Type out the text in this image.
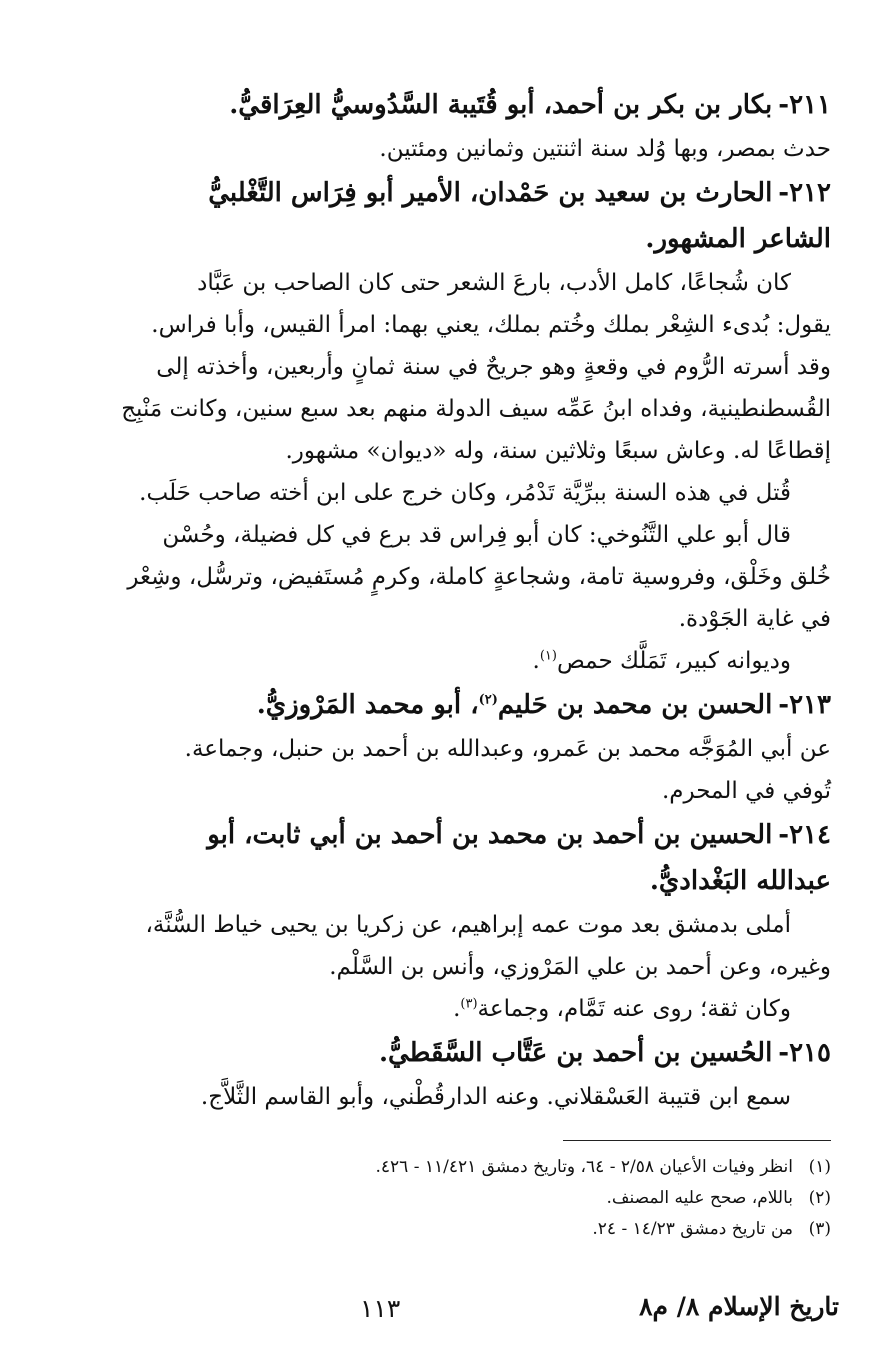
٢١١-بكار بن بكر بن أحمد، أبو قُتَيبة السَّدُوسيُّ العِرَاقيُّ.
حدث بمصر، وبها وُلد سنة اثنتين وثمانين ومئتين.
٢١٢-الحارث بن سعيد بن حَمْدان، الأمير أبو فِرَاس التَّغْلبيُّ
الشاعر المشهور.
كان شُجاعًا، كامل الأدب، بارعَ الشعر حتى كان الصاحب بن عَبَّاد
يقول: بُدىء الشِعْر بملك وخُتم بملك، يعني بهما: امرأ القيس، وأبا فراس.
وقد أسرته الرُّوم في وقعةٍ وهو جريحٌ في سنة ثمانٍ وأربعين، وأخذته إلى
القُسطنطينية، وفداه ابنُ عَمِّه سيف الدولة منهم بعد سبع سنين، وكانت مَنْبِج
إقطاعًا له. وعاش سبعًا وثلاثين سنة، وله «ديوان» مشهور.
قُتل في هذه السنة ببرِّيَّة تَدْمُر، وكان خرج على ابن أخته صاحب حَلَب.
قال أبو علي التَّنُوخي: كان أبو فِراس قد برع في كل فضيلة، وحُسْن
خُلق وخَلْق، وفروسية تامة، وشجاعةٍ كاملة، وكرمٍ مُستَفيض، وترسُّل، وشِعْر
في غاية الجَوْدة.
وديوانه كبير، تَمَلَّك حمص$^{(١)}$.
٢١٣-الحسن بن محمد بن حَليم$^{(٢)}$، أبو محمد المَرْوزيُّ.
عن أبي المُوَجَّه محمد بن عَمرو، وعبدالله بن أحمد بن حنبل، وجماعة.
تُوفي في المحرم.
٢١٤-الحسين بن أحمد بن محمد بن أحمد بن أبي ثابت، أبو
عبدالله البَغْداديُّ.
أملى بدمشق بعد موت عمه إبراهيم، عن زكريا بن يحيى خياط السُّنَّة،
وغيره، وعن أحمد بن علي المَرْوزي، وأنس بن السَّلْم.
وكان ثقة؛ روى عنه تَمَّام، وجماعة$^{(٣)}$.
٢١٥-الحُسين بن أحمد بن عَتَّاب السَّقَطيُّ.
سمع ابن قتيبة العَسْقلاني. وعنه الدارقُطْني، وأبو القاسم الثَّلاَّج.
(١)انظر وفيات الأعيان ٢/٥٨ - ٦٤، وتاريخ دمشق ١١/٤٢١ - ٤٢٦.
(٢)باللام، صحح عليه المصنف.
(٣)من تاريخ دمشق ١٤/٢٣ - ٢٤.
تاريخ الإسلام ٨/ م٨
١١٣
